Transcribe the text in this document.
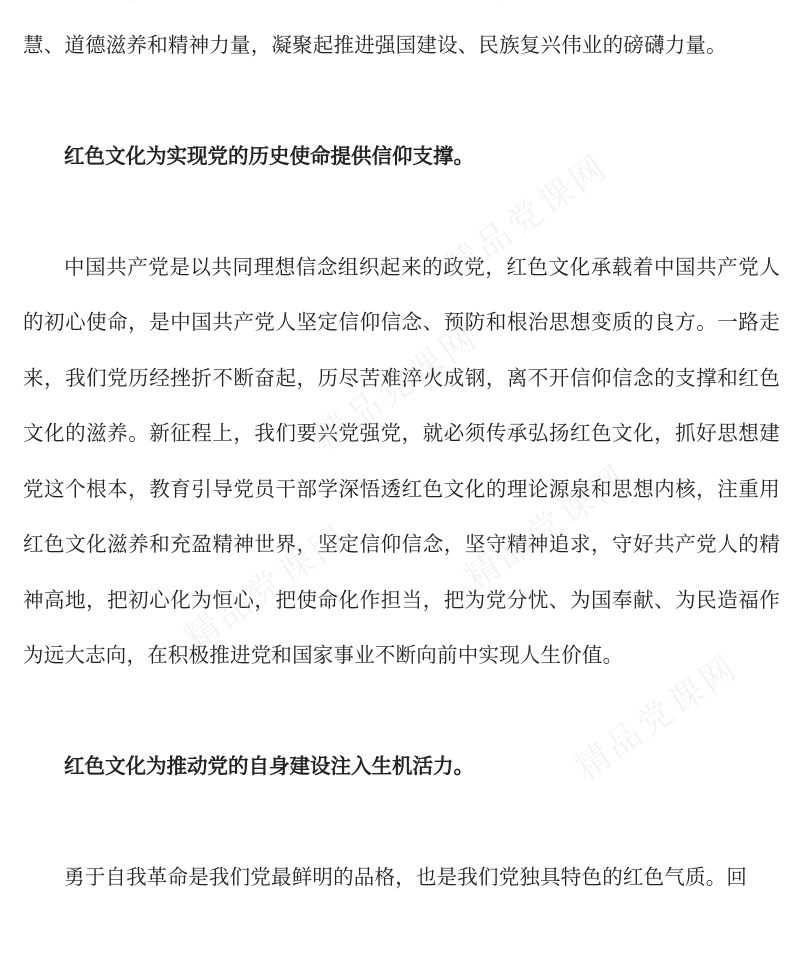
慧、道德滋养和精神力量，凝聚起推进强国建设、民族复兴伟业的磅礴力量。

红色文化为实现党的历史使命提供信仰支撑。

中国共产党是以共同理想信念组织起来的政党，红色文化承载着中国共产党人的初心使命，是中国共产党人坚定信仰信念、预防和根治思想变质的良方。一路走来，我们党历经挫折不断奋起，历尽苦难淬火成钢，离不开信仰信念的支撑和红色文化的滋养。新征程上，我们要兴党强党，就必须传承弘扬红色文化，抓好思想建党这个根本，教育引导党员干部学深悟透红色文化的理论源泉和思想内核，注重用红色文化滋养和充盈精神世界，坚定信仰信念，坚守精神追求，守好共产党人的精神高地，把初心化为恒心，把使命化作担当，把为党分忧、为国奉献、为民造福作为远大志向，在积极推进党和国家事业不断向前中实现人生价值。

红色文化为推动党的自身建设注入生机活力。

勇于自我革命是我们党最鲜明的品格，也是我们党独具特色的红色气质。回

精品党课网
精品党课网
精品党课网
精品党课网
精品党课网
